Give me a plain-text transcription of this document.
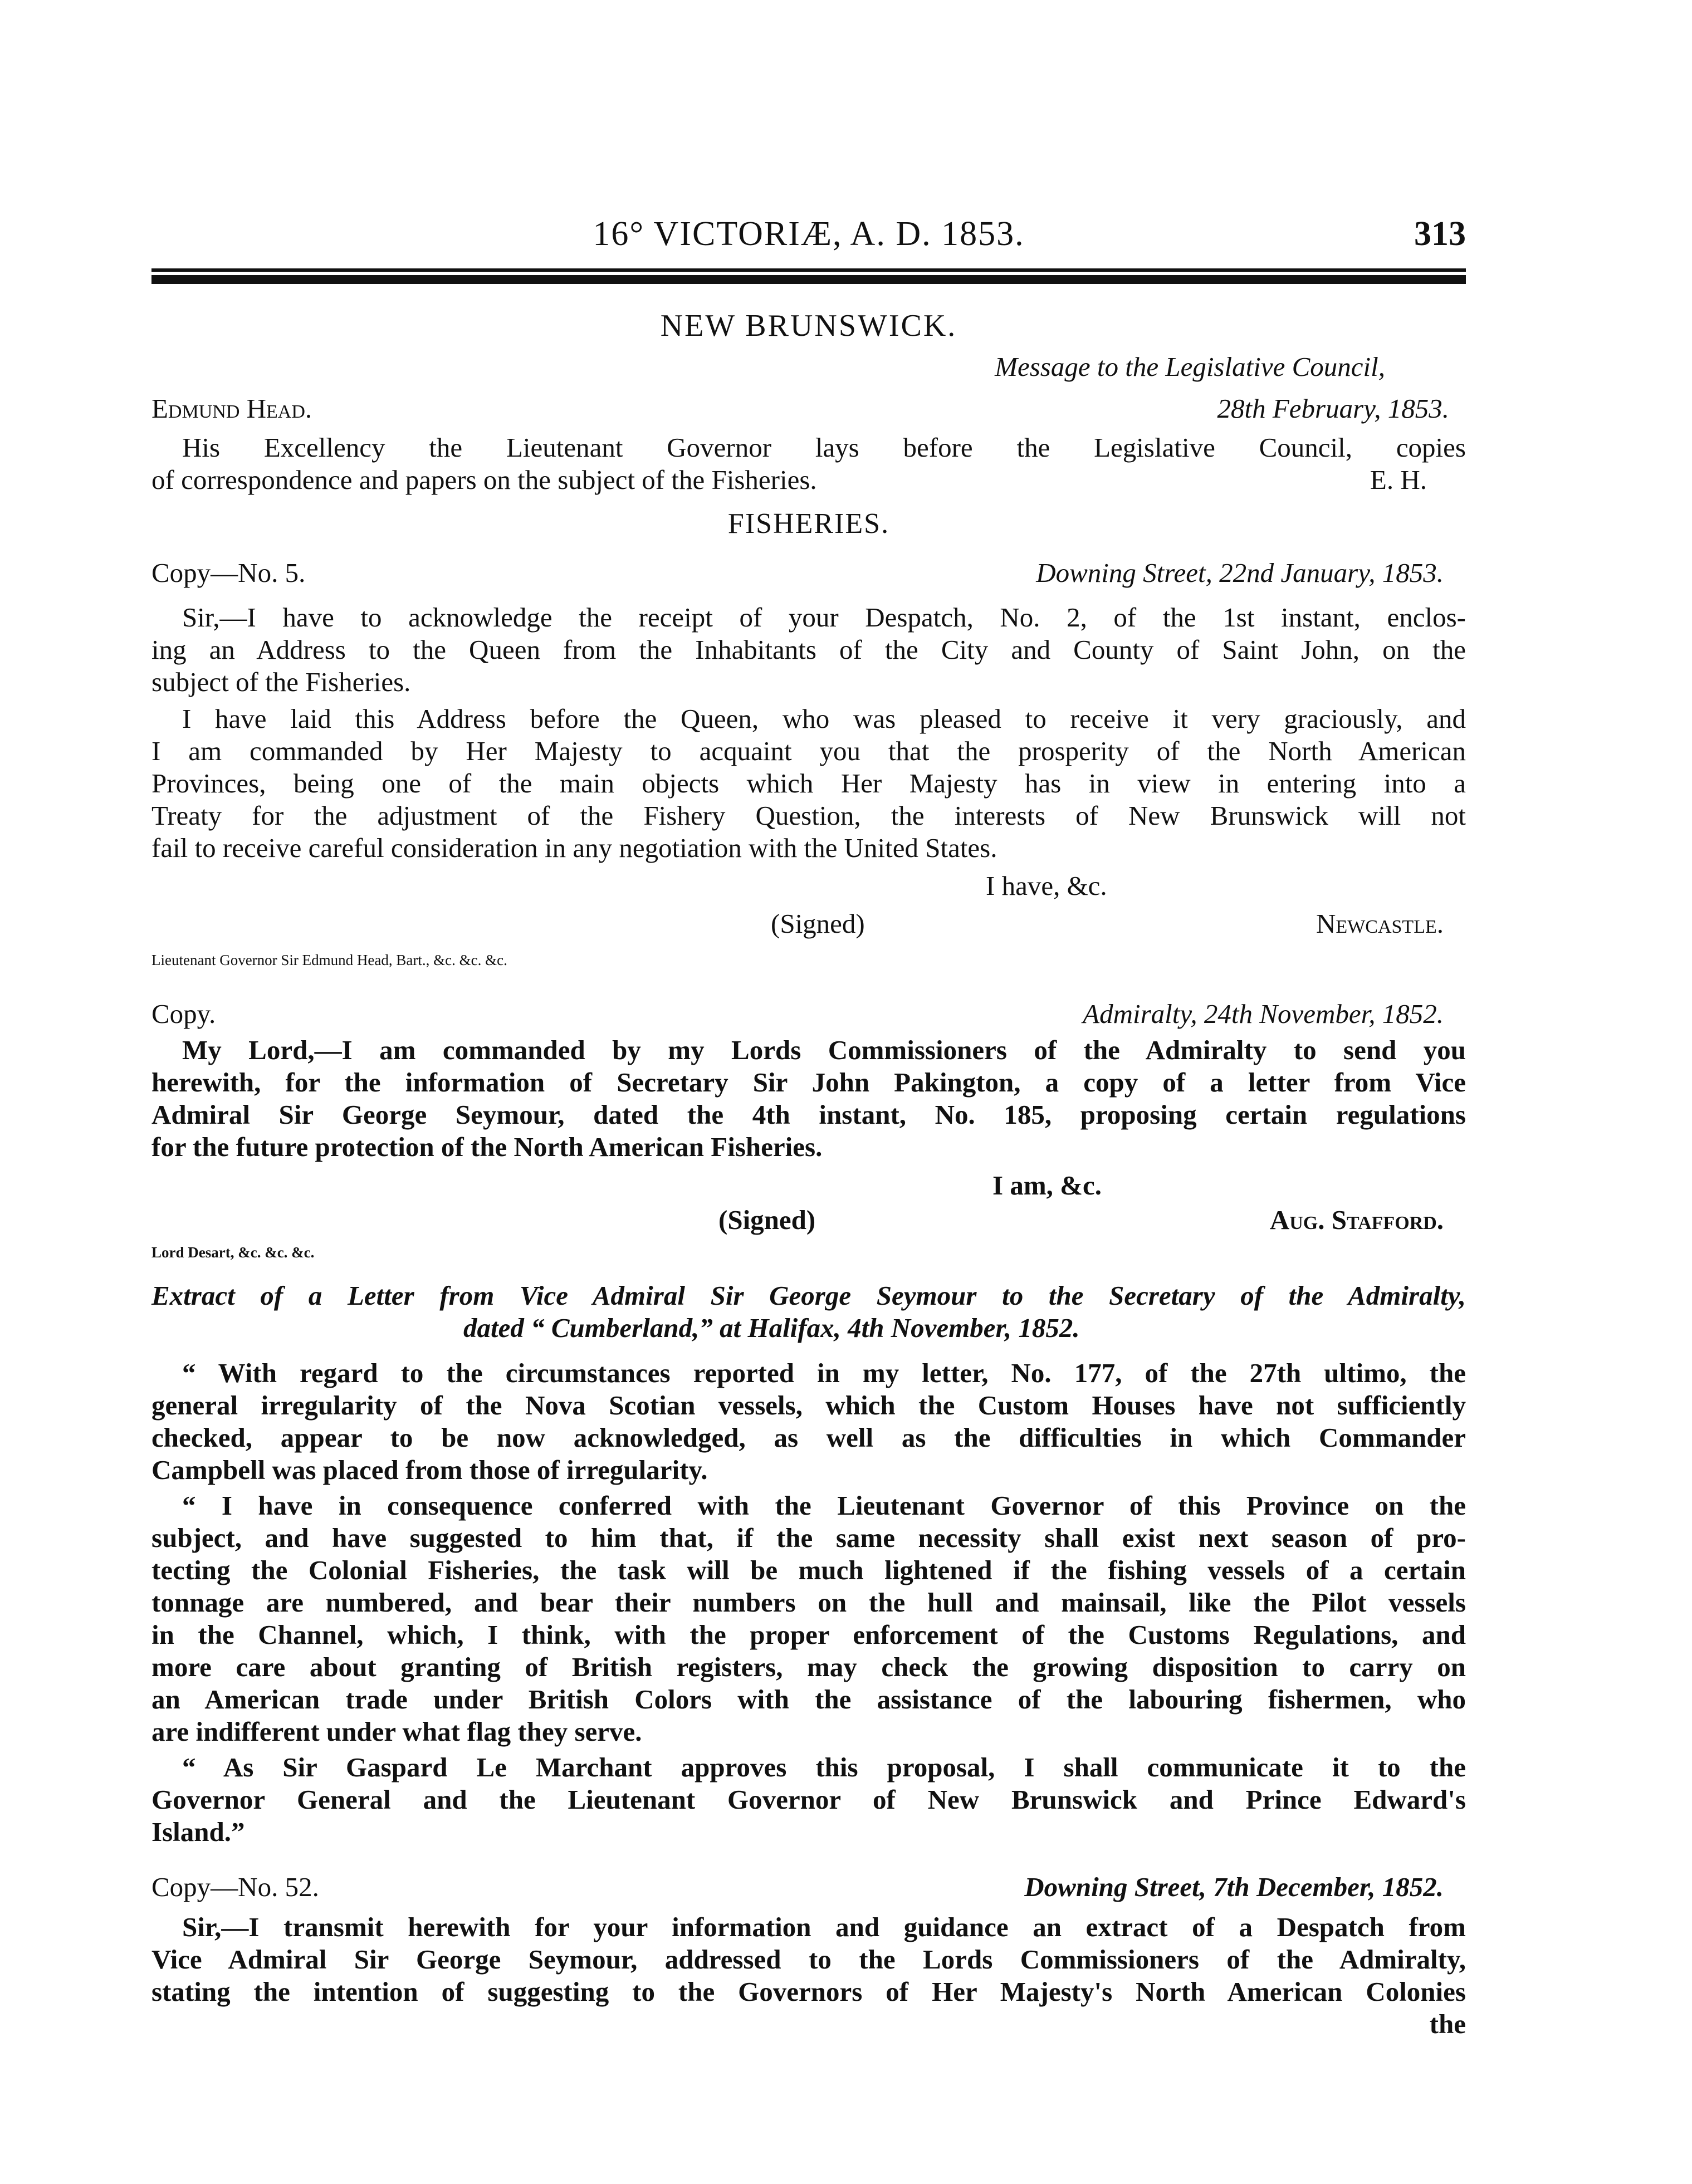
16° VICTORIÆ, A. D. 1853.	313
NEW BRUNSWICK.
Message to the Legislative Council,
Edmund Head.	28th February, 1853.
His Excellency the Lieutenant Governor lays before the Legislative Council, copies
of correspondence and papers on the subject of the Fisheries.	E. H.
FISHERIES.
Copy—No. 5.	Downing Street, 22nd January, 1853.
Sir,—I have to acknowledge the receipt of your Despatch, No. 2, of the 1st instant, enclos-
ing an Address to the Queen from the Inhabitants of the City and County of Saint John, on the
subject of the Fisheries.
I have laid this Address before the Queen, who was pleased to receive it very graciously, and
I am commanded by Her Majesty to acquaint you that the prosperity of the North American
Provinces, being one of the main objects which Her Majesty has in view in entering into a
Treaty for the adjustment of the Fishery Question, the interests of New Brunswick will not
fail to receive careful consideration in any negotiation with the United States.
I have, &c.
(Signed)	Newcastle.
Lieutenant Governor Sir Edmund Head, Bart., &c. &c. &c.
Copy.	Admiralty, 24th November, 1852.
My Lord,—I am commanded by my Lords Commissioners of the Admiralty to send you
herewith, for the information of Secretary Sir John Pakington, a copy of a letter from Vice
Admiral Sir George Seymour, dated the 4th instant, No. 185, proposing certain regulations
for the future protection of the North American Fisheries.
I am, &c.
(Signed)	Aug. Stafford.
Lord Desart, &c. &c. &c.
Extract of a Letter from Vice Admiral Sir George Seymour to the Secretary of the Admiralty,
dated “ Cumberland,” at Halifax, 4th November, 1852.
“ With regard to the circumstances reported in my letter, No. 177, of the 27th ultimo, the
general irregularity of the Nova Scotian vessels, which the Custom Houses have not sufficiently
checked, appear to be now acknowledged, as well as the difficulties in which Commander
Campbell was placed from those of irregularity.
“ I have in consequence conferred with the Lieutenant Governor of this Province on the
subject, and have suggested to him that, if the same necessity shall exist next season of pro-
tecting the Colonial Fisheries, the task will be much lightened if the fishing vessels of a certain
tonnage are numbered, and bear their numbers on the hull and mainsail, like the Pilot vessels
in the Channel, which, I think, with the proper enforcement of the Customs Regulations, and
more care about granting of British registers, may check the growing disposition to carry on
an American trade under British Colors with the assistance of the labouring fishermen, who
are indifferent under what flag they serve.
“ As Sir Gaspard Le Marchant approves this proposal, I shall communicate it to the
Governor General and the Lieutenant Governor of New Brunswick and Prince Edward's
Island.”
Copy—No. 52.	Downing Street, 7th December, 1852.
Sir,—I transmit herewith for your information and guidance an extract of a Despatch from
Vice Admiral Sir George Seymour, addressed to the Lords Commissioners of the Admiralty,
stating the intention of suggesting to the Governors of Her Majesty's North American Colonies
the
